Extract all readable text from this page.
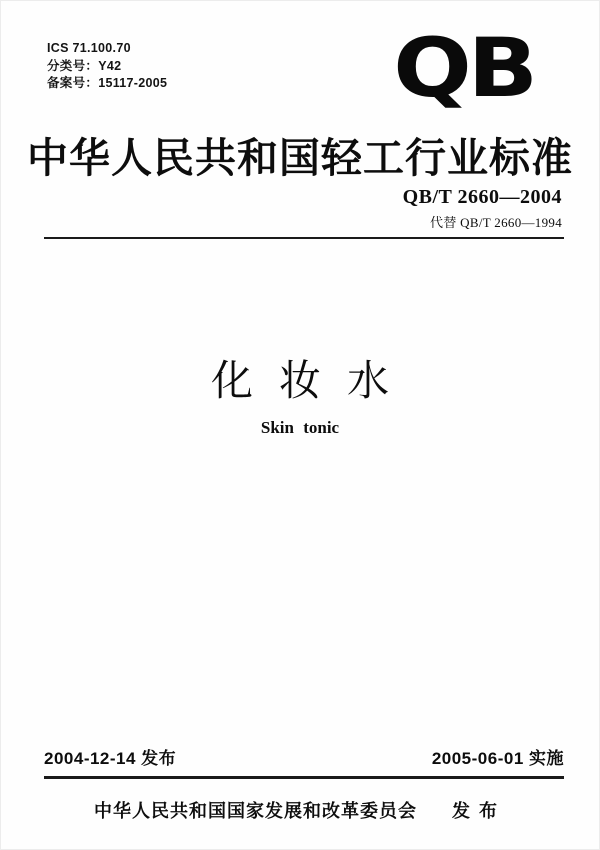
ICS 71.100.70
分类号：Y42
备案号：15117-2005	QB
中华人民共和国轻工行业标准
QB/T 2660—2004
代替 QB/T 2660—1994
化妆水
Skin tonic
2004-12-14 发布	2005-06-01 实施
中华人民共和国国家发展和改革委员会	发布
